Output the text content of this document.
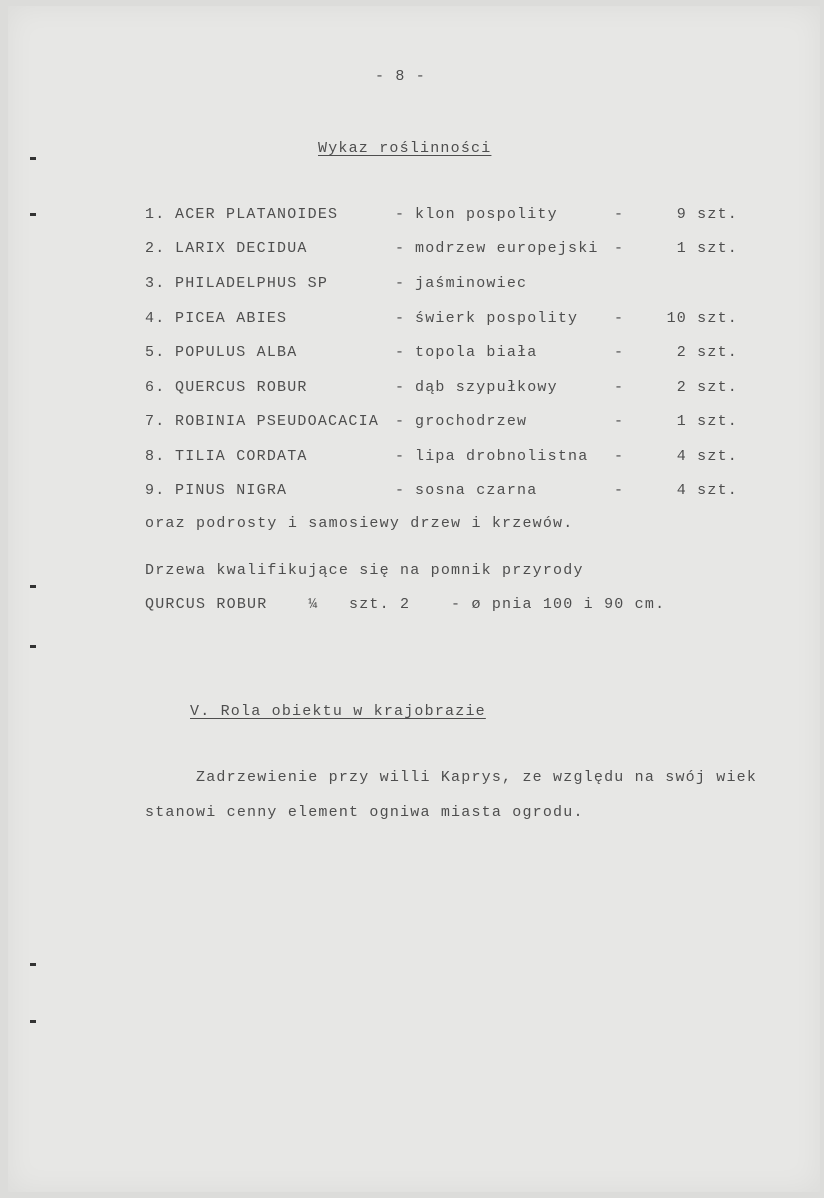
- 8 -
Wykaz roślinności
1. ACER PLATANOIDES	- klon pospolity	-	9 szt.
2. LARIX DECIDUA	- modrzew europejski -	1 szt.
3. PHILADELPHUS SP	- jaśminowiec
4. PICEA ABIES	- świerk pospolity -	10 szt.
5. POPULUS ALBA	- topola biała	-	2 szt.
6. QUERCUS ROBUR	- dąb szypułkowy	-	2 szt.
7. ROBINIA PSEUDOACACIA - grochodrzew	-	1 szt.
8. TILIA CORDATA	- lipa drobnolistna -	4 szt.
9. PINUS NIGRA	- sosna czarna	-	4 szt.
oraz podrosty i samosiewy drzew i krzewów.
Drzewa kwalifikujące się na pomnik przyrody
QURCUS ROBUR    ¼   szt. 2    - ø pnia 100 i 90 cm.
V. Rola obiektu w krajobrazie
Zadrzewienie przy willi Kaprys, ze względu na swój wiek
stanowi cenny element ogniwa miasta ogrodu.
